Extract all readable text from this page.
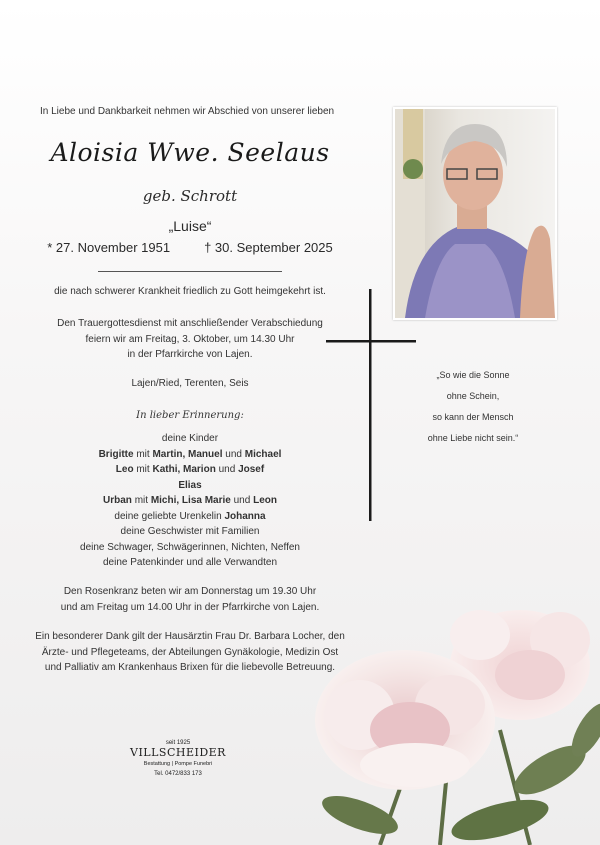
In Liebe und Dankbarkeit nehmen wir Abschied von unserer lieben
Aloisia Wwe. Seelaus
geb. Schrott
„Luise“
* 27. November 1951	† 30. September 2025
die nach schwerer Krankheit friedlich zu Gott heimgekehrt ist.
Den Trauergottesdienst mit anschließender Verabschiedung
feiern wir am Freitag, 3. Oktober, um 14.30 Uhr
in der Pfarrkirche von Lajen.
Lajen/Ried, Terenten, Seis
In lieber Erinnerung:
deine Kinder
Brigitte mit Martin, Manuel und Michael
Leo mit Kathi, Marion und Josef
Elias
Urban mit Michi, Lisa Marie und Leon
deine geliebte Urenkelin Johanna
deine Geschwister mit Familien
deine Schwager, Schwägerinnen, Nichten, Neffen
deine Patenkinder und alle Verwandten
Den Rosenkranz beten wir am Donnerstag um 19.30 Uhr
und am Freitag um 14.00 Uhr in der Pfarrkirche von Lajen.
Ein besonderer Dank gilt der Hausärztin Frau Dr. Barbara Locher, den
Ärzte- und Pflegeteams, der Abteilungen Gynäkologie, Medizin Ost
und Palliativ am Krankenhaus Brixen für die liebevolle Betreuung.
„So wie die Sonne
ohne Schein,
so kann der Mensch
ohne Liebe nicht sein.“
seit 1925
VILLSCHEIDER
Bestattung | Pompe Funebri
Tel. 0472/833 173
